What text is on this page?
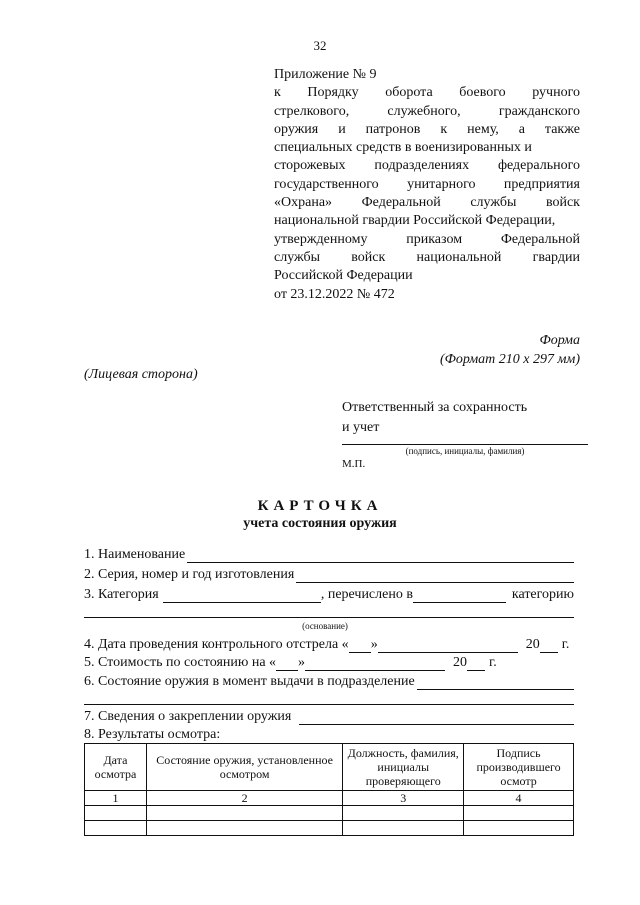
32
Приложение № 9
к Порядку оборота боевого ручного
стрелкового,	служебного,	гражданского
оружия и патронов к нему, а также
специальных средств в военизированных и
сторожевых подразделениях федерального
государственного унитарного предприятия
«Охрана» Федеральной службы войск
национальной гвардии Российской Федерации,
утвержденному	приказом	Федеральной
службы войск национальной гвардии
Российской Федерации
от 23.12.2022 № 472
Форма
(Формат 210 х 297 мм)
(Лицевая сторона)
Ответственный за сохранность
и учет
(подпись, инициалы, фамилия)
М.П.
КАРТОЧКА
учета состояния оружия
1. Наименование
2. Серия, номер и год изготовления
3. Категория	, перечислено в	категорию
(основание)
4. Дата проведения контрольного отстрела « »	20 г.
5. Стоимость по состоянию на « »	20 г.
6. Состояние оружия в момент выдачи в подразделение
7. Сведения о закреплении оружия
8. Результаты осмотра:
Дата осмотра	Состояние оружия, установленное осмотром	Должность, фамилия, инициалы проверяющего	Подпись производившего осмотр
1	2	3	4
